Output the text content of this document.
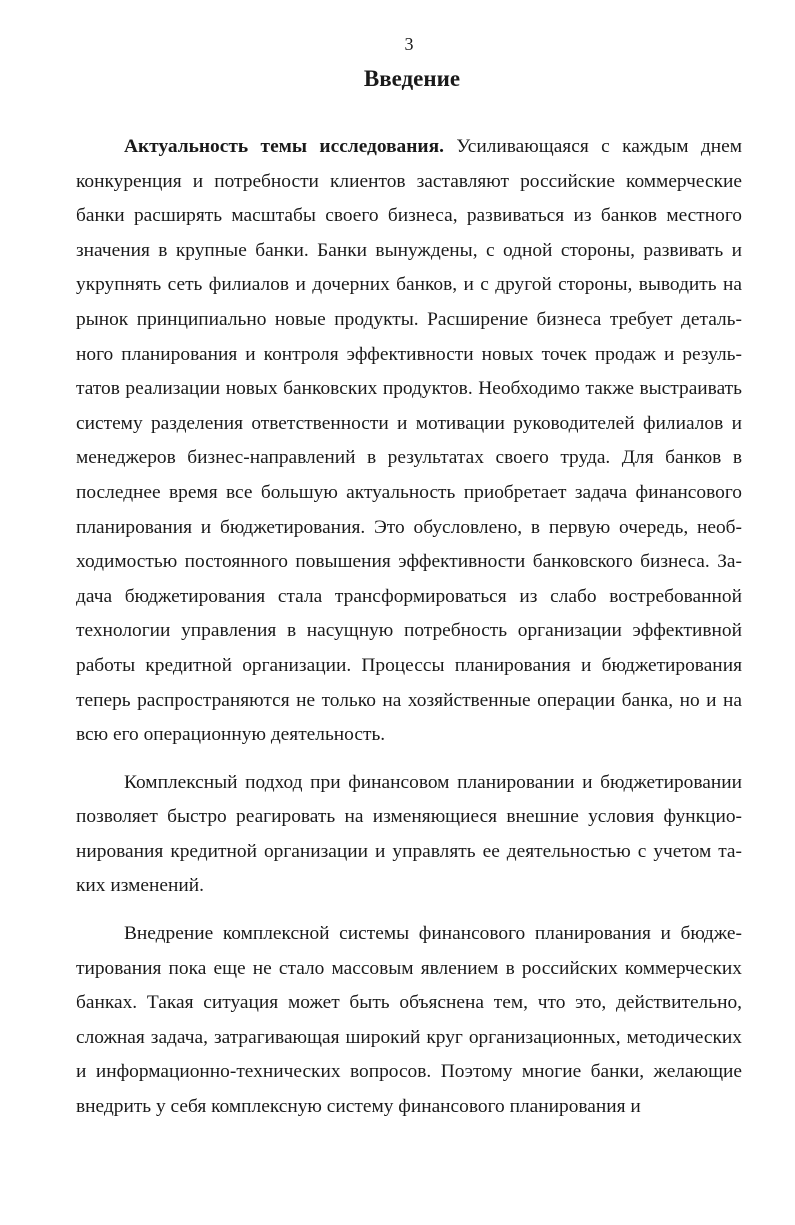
3
Введение

Актуальность темы исследования. Усиливающаяся с каждым днем конкуренция и потребности клиентов заставляют российские коммерческие банки расширять масштабы своего бизнеса, развиваться из банков местного значения в крупные банки. Банки вынуждены, с одной стороны, развивать и укрупнять сеть филиалов и дочерних банков, и с другой стороны, выводить на рынок принципиально новые продукты. Расширение бизнеса требует детального планирования и контроля эффективности новых точек продаж и результатов реализации новых банковских продуктов. Необходимо также выстраивать систему разделения ответственности и мотивации руководителей филиалов и менеджеров бизнес-направлений в результатах своего труда. Для банков в последнее время все большую актуальность приобретает задача финансового планирования и бюджетирования. Это обусловлено, в первую очередь, необходимостью постоянного повышения эффективности банковского бизнеса. Задача бюджетирования стала трансформироваться из слабо востребованной технологии управления в насущную потребность организации эффективной работы кредитной организации. Процессы планирования и бюджетирования теперь распространяются не только на хозяйственные операции банка, но и на всю его операционную деятельность.

Комплексный подход при финансовом планировании и бюджетировании позволяет быстро реагировать на изменяющиеся внешние условия функционирования кредитной организации и управлять ее деятельностью с учетом таких изменений.

Внедрение комплексной системы финансового планирования и бюджетирования пока еще не стало массовым явлением в российских коммерческих банках. Такая ситуация может быть объяснена тем, что это, действительно, сложная задача, затрагивающая широкий круг организационных, методических и информационно-технических вопросов. Поэтому многие банки, желающие внедрить у себя комплексную систему финансового планирования и
